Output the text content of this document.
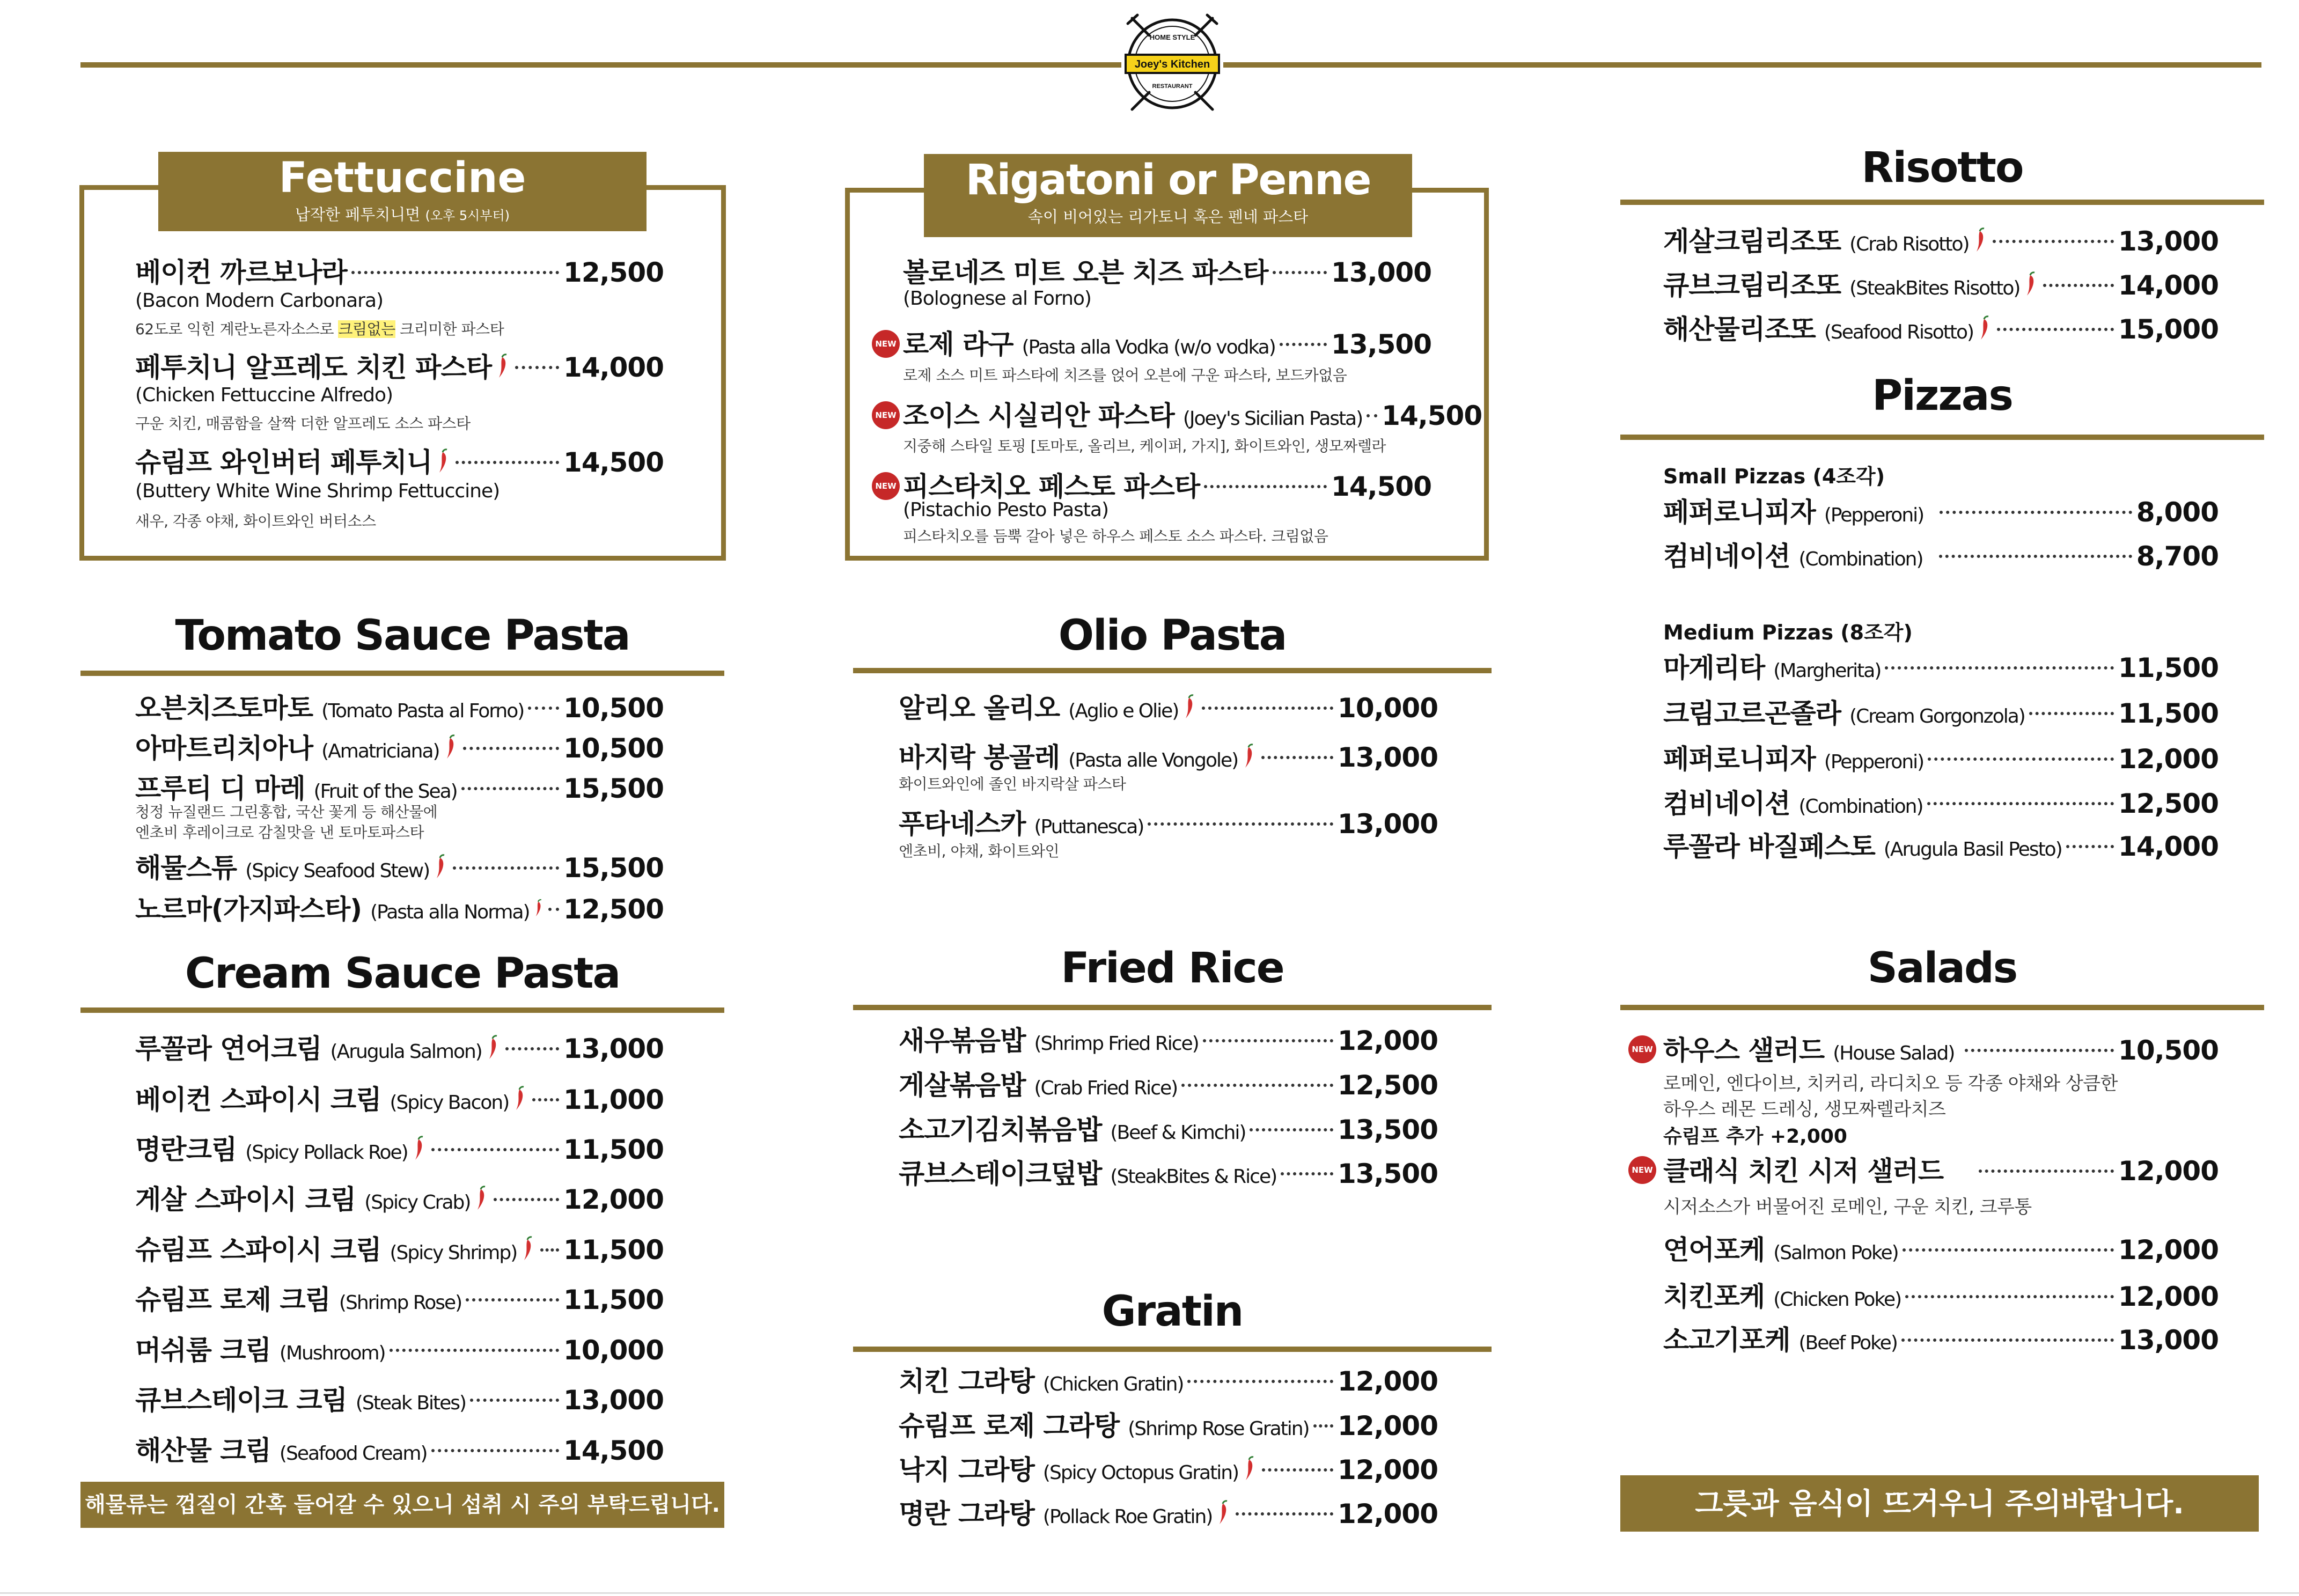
HOME STYLE
Joey's Kitchen
RESTAURANT
Fettuccine
납작한 페투치니면 (오후 5시부터)
베이컨 까르보나라	12,500
(Bacon Modern Carbonara)
62도로 익힌 계란노른자소스로 크림없는 크리미한 파스타
페투치니 알프레도 치킨 파스타	14,000
(Chicken Fettuccine Alfredo)
구운 치킨, 매콤함을 살짝 더한 알프레도 소스 파스타
슈림프 와인버터 페투치니	14,500
(Buttery White Wine Shrimp Fettuccine)
새우, 각종 야채, 화이트와인 버터소스
Tomato Sauce Pasta
오븐치즈토마토 (Tomato Pasta al Forno) 10,500
아마트리치아나 (Amatriciana)	10,500
프루티 디 마레 (Fruit of the Sea)	15,500
청정 뉴질랜드 그린홍합, 국산 꽃게 등 해산물에
엔초비 후레이크로 감칠맛을 낸 토마토파스타
해물스튜 (Spicy Seafood Stew)	15,500
노르마(가지파스타) (Pasta alla Norma) 12,500
Cream Sauce Pasta
루꼴라 연어크림 (Arugula Salmon)	13,000
베이컨 스파이시 크림 (Spicy Bacon) 11,000
명란크림 (Spicy Pollack Roe)	11,500
게살 스파이시 크림 (Spicy Crab)	12,000
슈림프 스파이시 크림 (Spicy Shrimp) 11,500
슈림프 로제 크림 (Shrimp Rose)	11,500
머쉬룸 크림 (Mushroom)	10,000
큐브스테이크 크림 (Steak Bites)	13,000
해산물 크림 (Seafood Cream)	14,500
해물류는 껍질이 간혹 들어갈 수 있으니 섭취 시 주의 부탁드립니다.
Rigatoni or Penne
속이 비어있는 리가토니 혹은 펜네 파스타
볼로네즈 미트 오븐 치즈 파스타 13,000
(Bolognese al Forno)
NEW 로제 라구 (Pasta alla Vodka (w/o vodka) 13,500
로제 소스 미트 파스타에 치즈를 얹어 오븐에 구운 파스타, 보드카없음
NEW 조이스 시실리안 파스타 (Joey's Sicilian Pasta) 14,500
지중해 스타일 토핑 [토마토, 올리브, 케이퍼, 가지], 화이트와인, 생모짜렐라
NEW 피스타치오 페스토 파스타	14,500
(Pistachio Pesto Pasta)
피스타치오를 듬뿍 갈아 넣은 하우스 페스토 소스 파스타. 크림없음
Olio Pasta
알리오 올리오 (Aglio e Olie)	10,000
바지락 봉골레 (Pasta alle Vongole)	13,000
화이트와인에 졸인 바지락살 파스타
푸타네스카 (Puttanesca)	13,000
엔초비, 야채, 화이트와인
Fried Rice
새우볶음밥 (Shrimp Fried Rice)	12,000
게살볶음밥 (Crab Fried Rice)	12,500
소고기김치볶음밥 (Beef & Kimchi)	13,500
큐브스테이크덮밥 (SteakBites & Rice) 13,500
Gratin
치킨 그라탕 (Chicken Gratin)	12,000
슈림프 로제 그라탕 (Shrimp Rose Gratin) 12,000
낙지 그라탕 (Spicy Octopus Gratin)	12,000
명란 그라탕 (Pollack Roe Gratin)	12,000
Risotto
게살크림리조또 (Crab Risotto)	13,000
큐브크림리조또 (SteakBites Risotto)	14,000
해산물리조또 (Seafood Risotto)	15,000
Pizzas
Small Pizzas (4조각)
페퍼로니피자 (Pepperoni)	8,000
컴비네이션 (Combination)	8,700
Medium Pizzas (8조각)
마게리타 (Margherita)	11,500
크림고르곤졸라 (Cream Gorgonzola)	11,500
페퍼로니피자 (Pepperoni)	12,000
컴비네이션 (Combination)	12,500
루꼴라 바질페스토 (Arugula Basil Pesto) 14,000
Salads
NEW 하우스 샐러드 (House Salad)	10,500
로메인, 엔다이브, 치커리, 라디치오 등 각종 야채와 상큼한
하우스 레몬 드레싱, 생모짜렐라치즈
슈림프 추가 +2,000
NEW 클래식 치킨 시저 샐러드	12,000
시저소스가 버물어진 로메인, 구운 치킨, 크루통
연어포케 (Salmon Poke)	12,000
치킨포케 (Chicken Poke)	12,000
소고기포케 (Beef Poke)	13,000
그릇과 음식이 뜨거우니 주의바랍니다.
